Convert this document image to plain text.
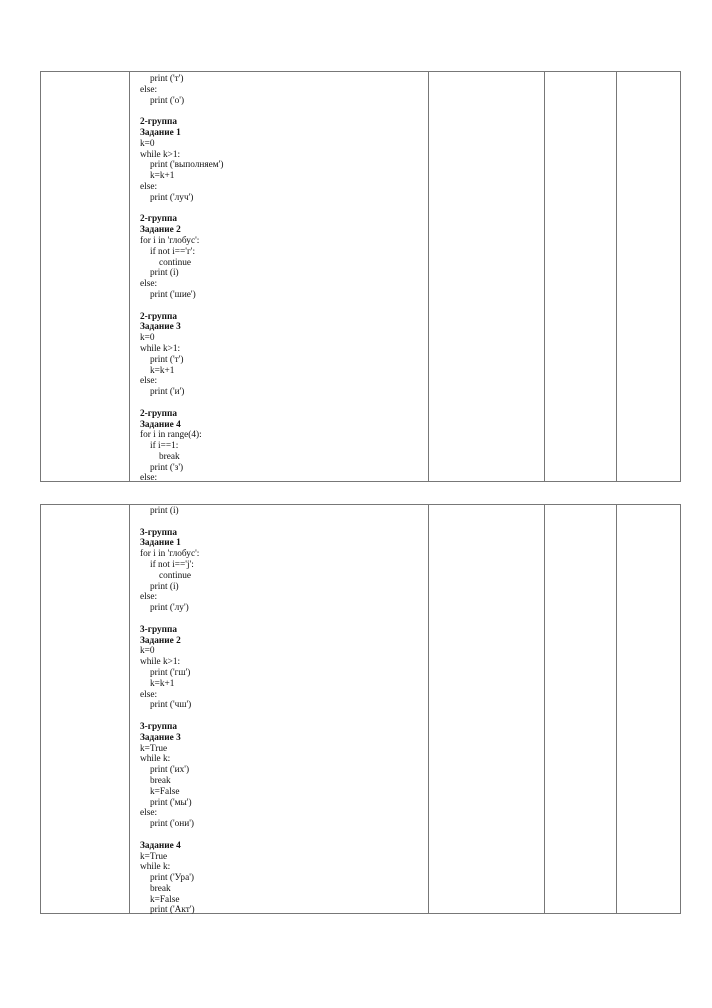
print ('т')
else:
print ('о')
2-группа
Задание 1
k=0
while k>1:
print ('выполняем')
k=k+1
else:
print ('луч')
2-группа
Задание 2
for i in 'глобус':
if not i=='г':
continue
print (i)
else:
print ('шие')
2-группа
Задание 3
k=0
while k>1:
print ('т')
k=k+1
else:
print ('и')
2-группа
Задание 4
for i in range(4):
if i==1:
break
print ('з')
else:
print (i)
3-группа
Задание 1
for i in 'глобус':
if not i=='j':
continue
print (i)
else:
print ('лу')
3-группа
Задание 2
k=0
while k>1:
print ('гш')
k=k+1
else:
print ('чш')
3-группа
Задание 3
k=True
while k:
print ('их')
break
k=False
print ('мы')
else:
print ('они')
Задание 4
k=True
while k:
print ('Ура')
break
k=False
print ('Акт')
